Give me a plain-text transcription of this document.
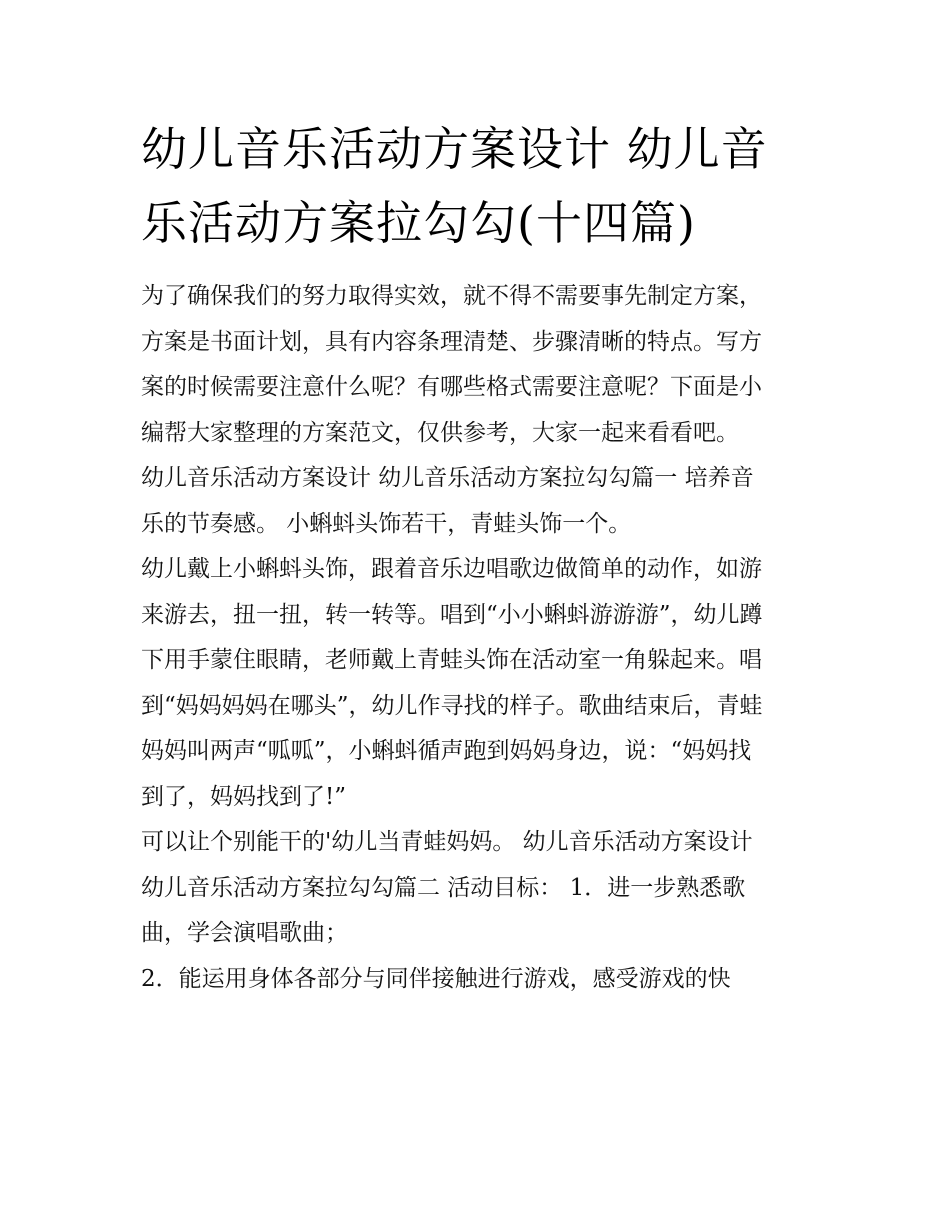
幼儿音乐活动方案设计 幼儿音
乐活动方案拉勾勾(十四篇)
为了确保我们的努力取得实效，就不得不需要事先制定方案，
方案是书面计划，具有内容条理清楚、步骤清晰的特点。写方
案的时候需要注意什么呢？有哪些格式需要注意呢？下面是小
编帮大家整理的方案范文，仅供参考，大家一起来看看吧。
幼儿音乐活动方案设计 幼儿音乐活动方案拉勾勾篇一 培养音
乐的节奏感。 小蝌蚪头饰若干，青蛙头饰一个。
幼儿戴上小蝌蚪头饰，跟着音乐边唱歌边做简单的动作，如游
来游去，扭一扭，转一转等。唱到“小小蝌蚪游游游”，幼儿蹲
下用手蒙住眼睛，老师戴上青蛙头饰在活动室一角躲起来。唱
到“妈妈妈妈在哪头”，幼儿作寻找的样子。歌曲结束后，青蛙
妈妈叫两声“呱呱”，小蝌蚪循声跑到妈妈身边，说：“妈妈找
到了，妈妈找到了!”
可以让个别能干的'幼儿当青蛙妈妈。 幼儿音乐活动方案设计
幼儿音乐活动方案拉勾勾篇二 活动目标： 1．进一步熟悉歌
曲，学会演唱歌曲；
2．能运用身体各部分与同伴接触进行游戏，感受游戏的快
